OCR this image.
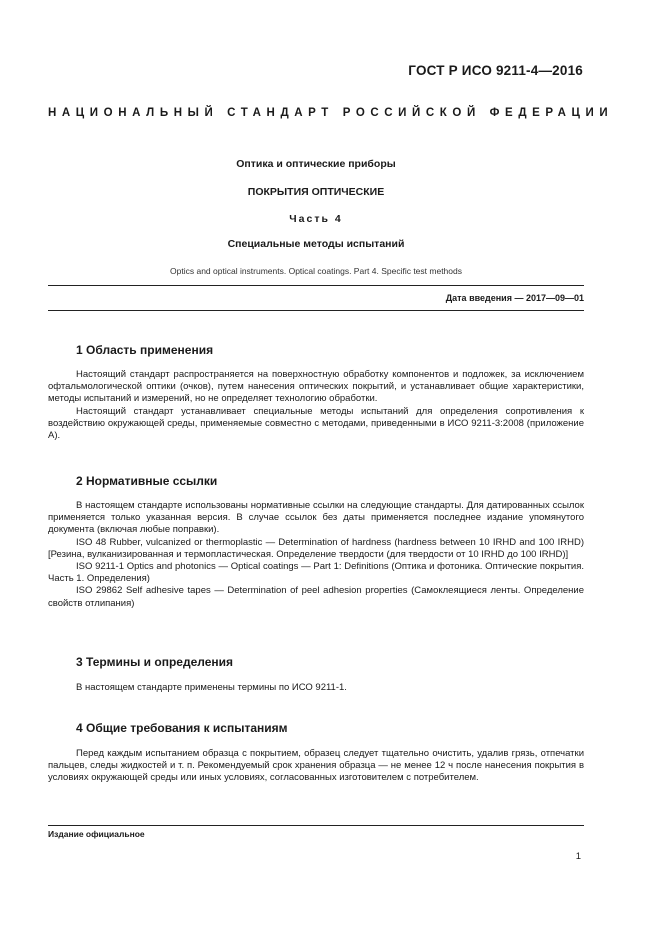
ГОСТ Р ИСО 9211-4—2016
НАЦИОНАЛЬНЫЙ СТАНДАРТ РОССИЙСКОЙ ФЕДЕРАЦИИ
Оптика и оптические приборы
ПОКРЫТИЯ ОПТИЧЕСКИЕ
Часть 4
Специальные методы испытаний
Optics and optical instruments. Optical coatings. Part 4. Specific test methods
Дата введения — 2017—09—01
1 Область применения

Настоящий стандарт распространяется на поверхностную обработку компонентов и подложек, за исключением офтальмологической оптики (очков), путем нанесения оптических покрытий, и устанавливает общие характеристики, методы испытаний и измерений, но не определяет технологию обработки.

Настоящий стандарт устанавливает специальные методы испытаний для определения сопротивления к воздействию окружающей среды, применяемые совместно с методами, приведенными в ИСО 9211-3:2008 (приложение А).

2 Нормативные ссылки

В настоящем стандарте использованы нормативные ссылки на следующие стандарты. Для датированных ссылок применяется только указанная версия. В случае ссылок без даты применяется последнее издание упомянутого документа (включая любые поправки).

ISO 48 Rubber, vulcanized or thermoplastic — Determination of hardness (hardness between 10 IRHD and 100 IRHD) [Резина, вулканизированная и термопластическая. Определение твердости (для твердости от 10 IRHD до 100 IRHD)]

ISO 9211-1 Optics and photonics — Optical coatings — Part 1: Definitions (Оптика и фотоника. Оптические покрытия. Часть 1. Определения)

ISO 29862 Self adhesive tapes — Determination of peel adhesion properties (Самоклеящиеся ленты. Определение свойств отлипания)

3 Термины и определения

В настоящем стандарте применены термины по ИСО 9211-1.

4 Общие требования к испытаниям

Перед каждым испытанием образца с покрытием, образец следует тщательно очистить, удалив грязь, отпечатки пальцев, следы жидкостей и т. п. Рекомендуемый срок хранения образца — не менее 12 ч после нанесения покрытия в условиях окружающей среды или иных условиях, согласованных изготовителем с потребителем.

Издание официальное
1
